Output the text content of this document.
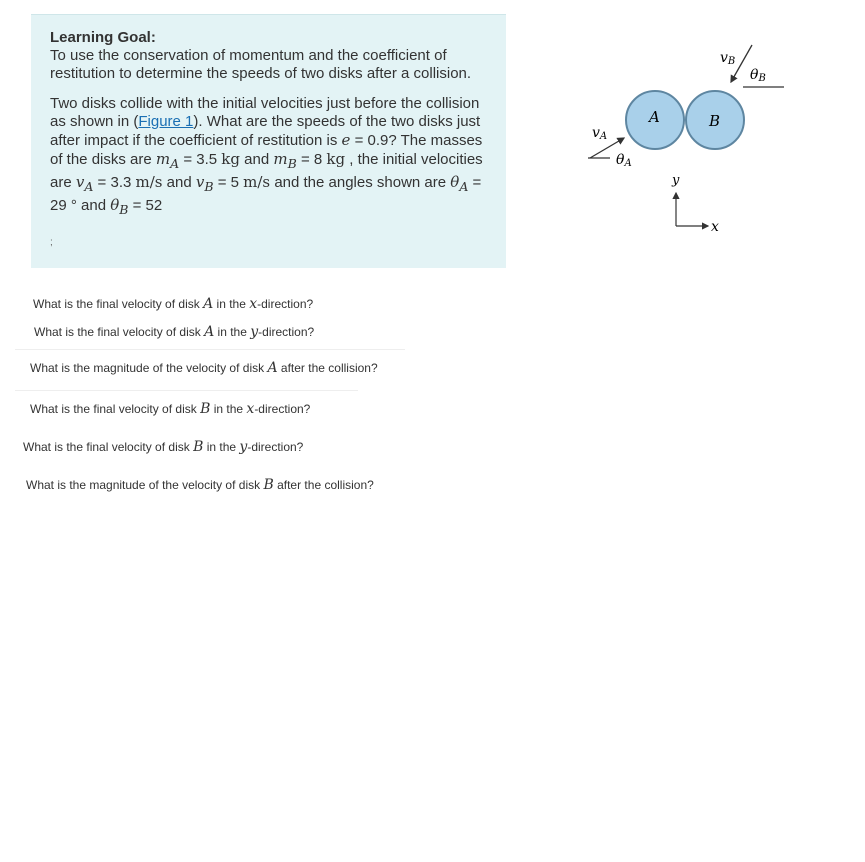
Learning Goal:

To use the conservation of momentum and the coefficient of restitution to determine the speeds of two disks after a collision.

Two disks collide with the initial velocities just before the collision as shown in (Figure 1). What are the speeds of the two disks just after impact if the coefficient of restitution is e = 0.9? The masses of the disks are $m_A = 3.5$ kg and $m_B = 8$ kg , the initial velocities are $v_A = 3.3$ m/s and $v_B = 5$ m/s and the angles shown are $\theta_A = 29$ ° and $\theta_B = 52$

;
A	B
vA
θA
vB
θB
y
x
What is the final velocity of disk A in the x-direction?
What is the final velocity of disk A in the y-direction?
What is the magnitude of the velocity of disk A after the collision?
What is the final velocity of disk B in the x-direction?
What is the final velocity of disk B in the y-direction?
What is the magnitude of the velocity of disk B after the collision?
